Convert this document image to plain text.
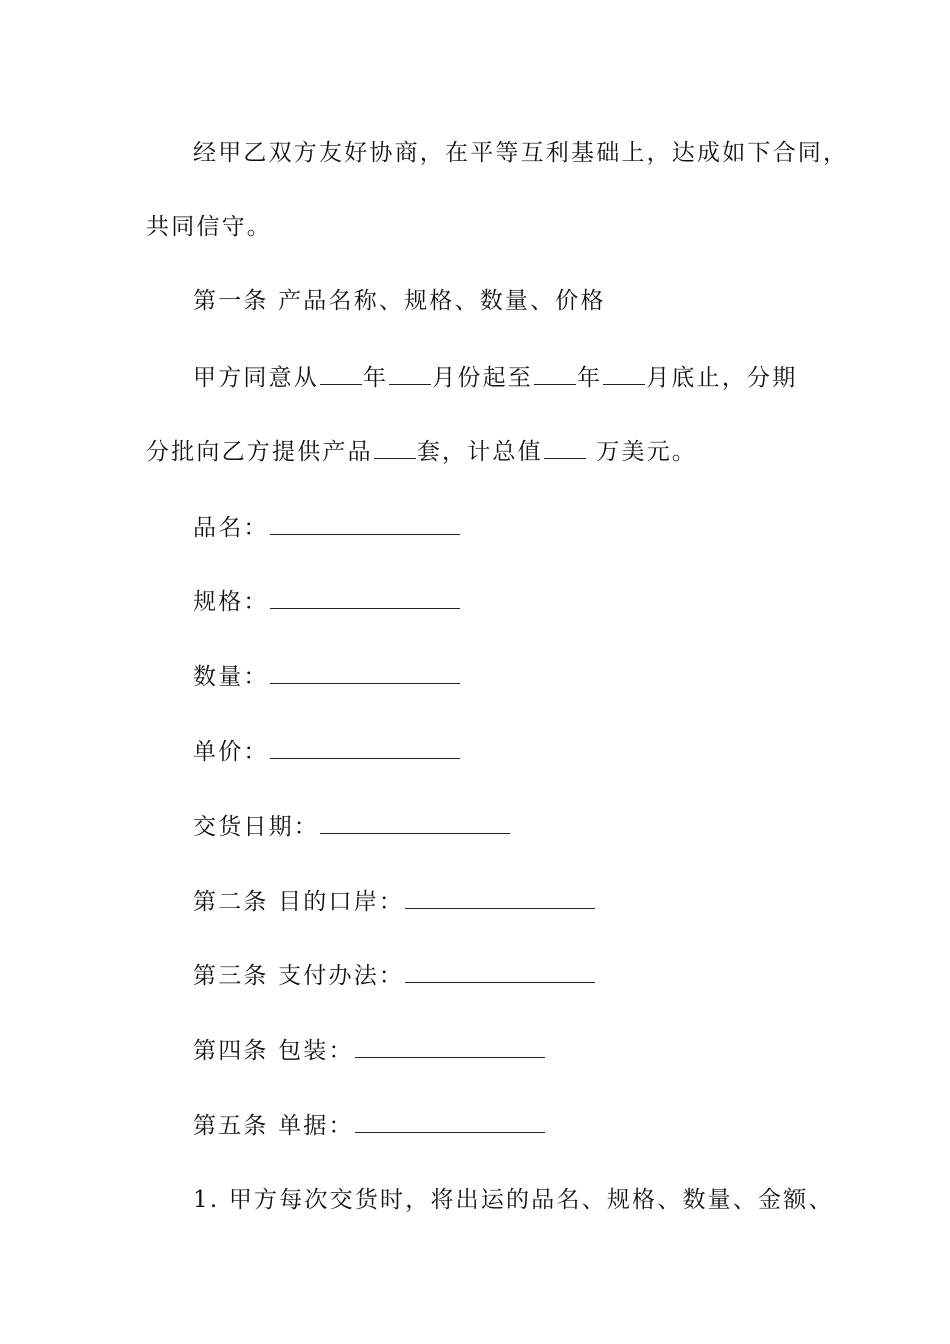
经甲乙双方友好协商，在平等互利基础上，达成如下合同，
共同信守。
第一条 产品名称、规格、数量、价格
甲方同意从 年 月份起至 年 月底止，分期
分批向乙方提供产品 套，计总值 万美元。
品名：
规格：
数量：
单价：
交货日期：
第二条 目的口岸：
第三条 支付办法：
第四条 包装：
第五条 单据：
1. 甲方每次交货时，将出运的品名、规格、数量、金额、
